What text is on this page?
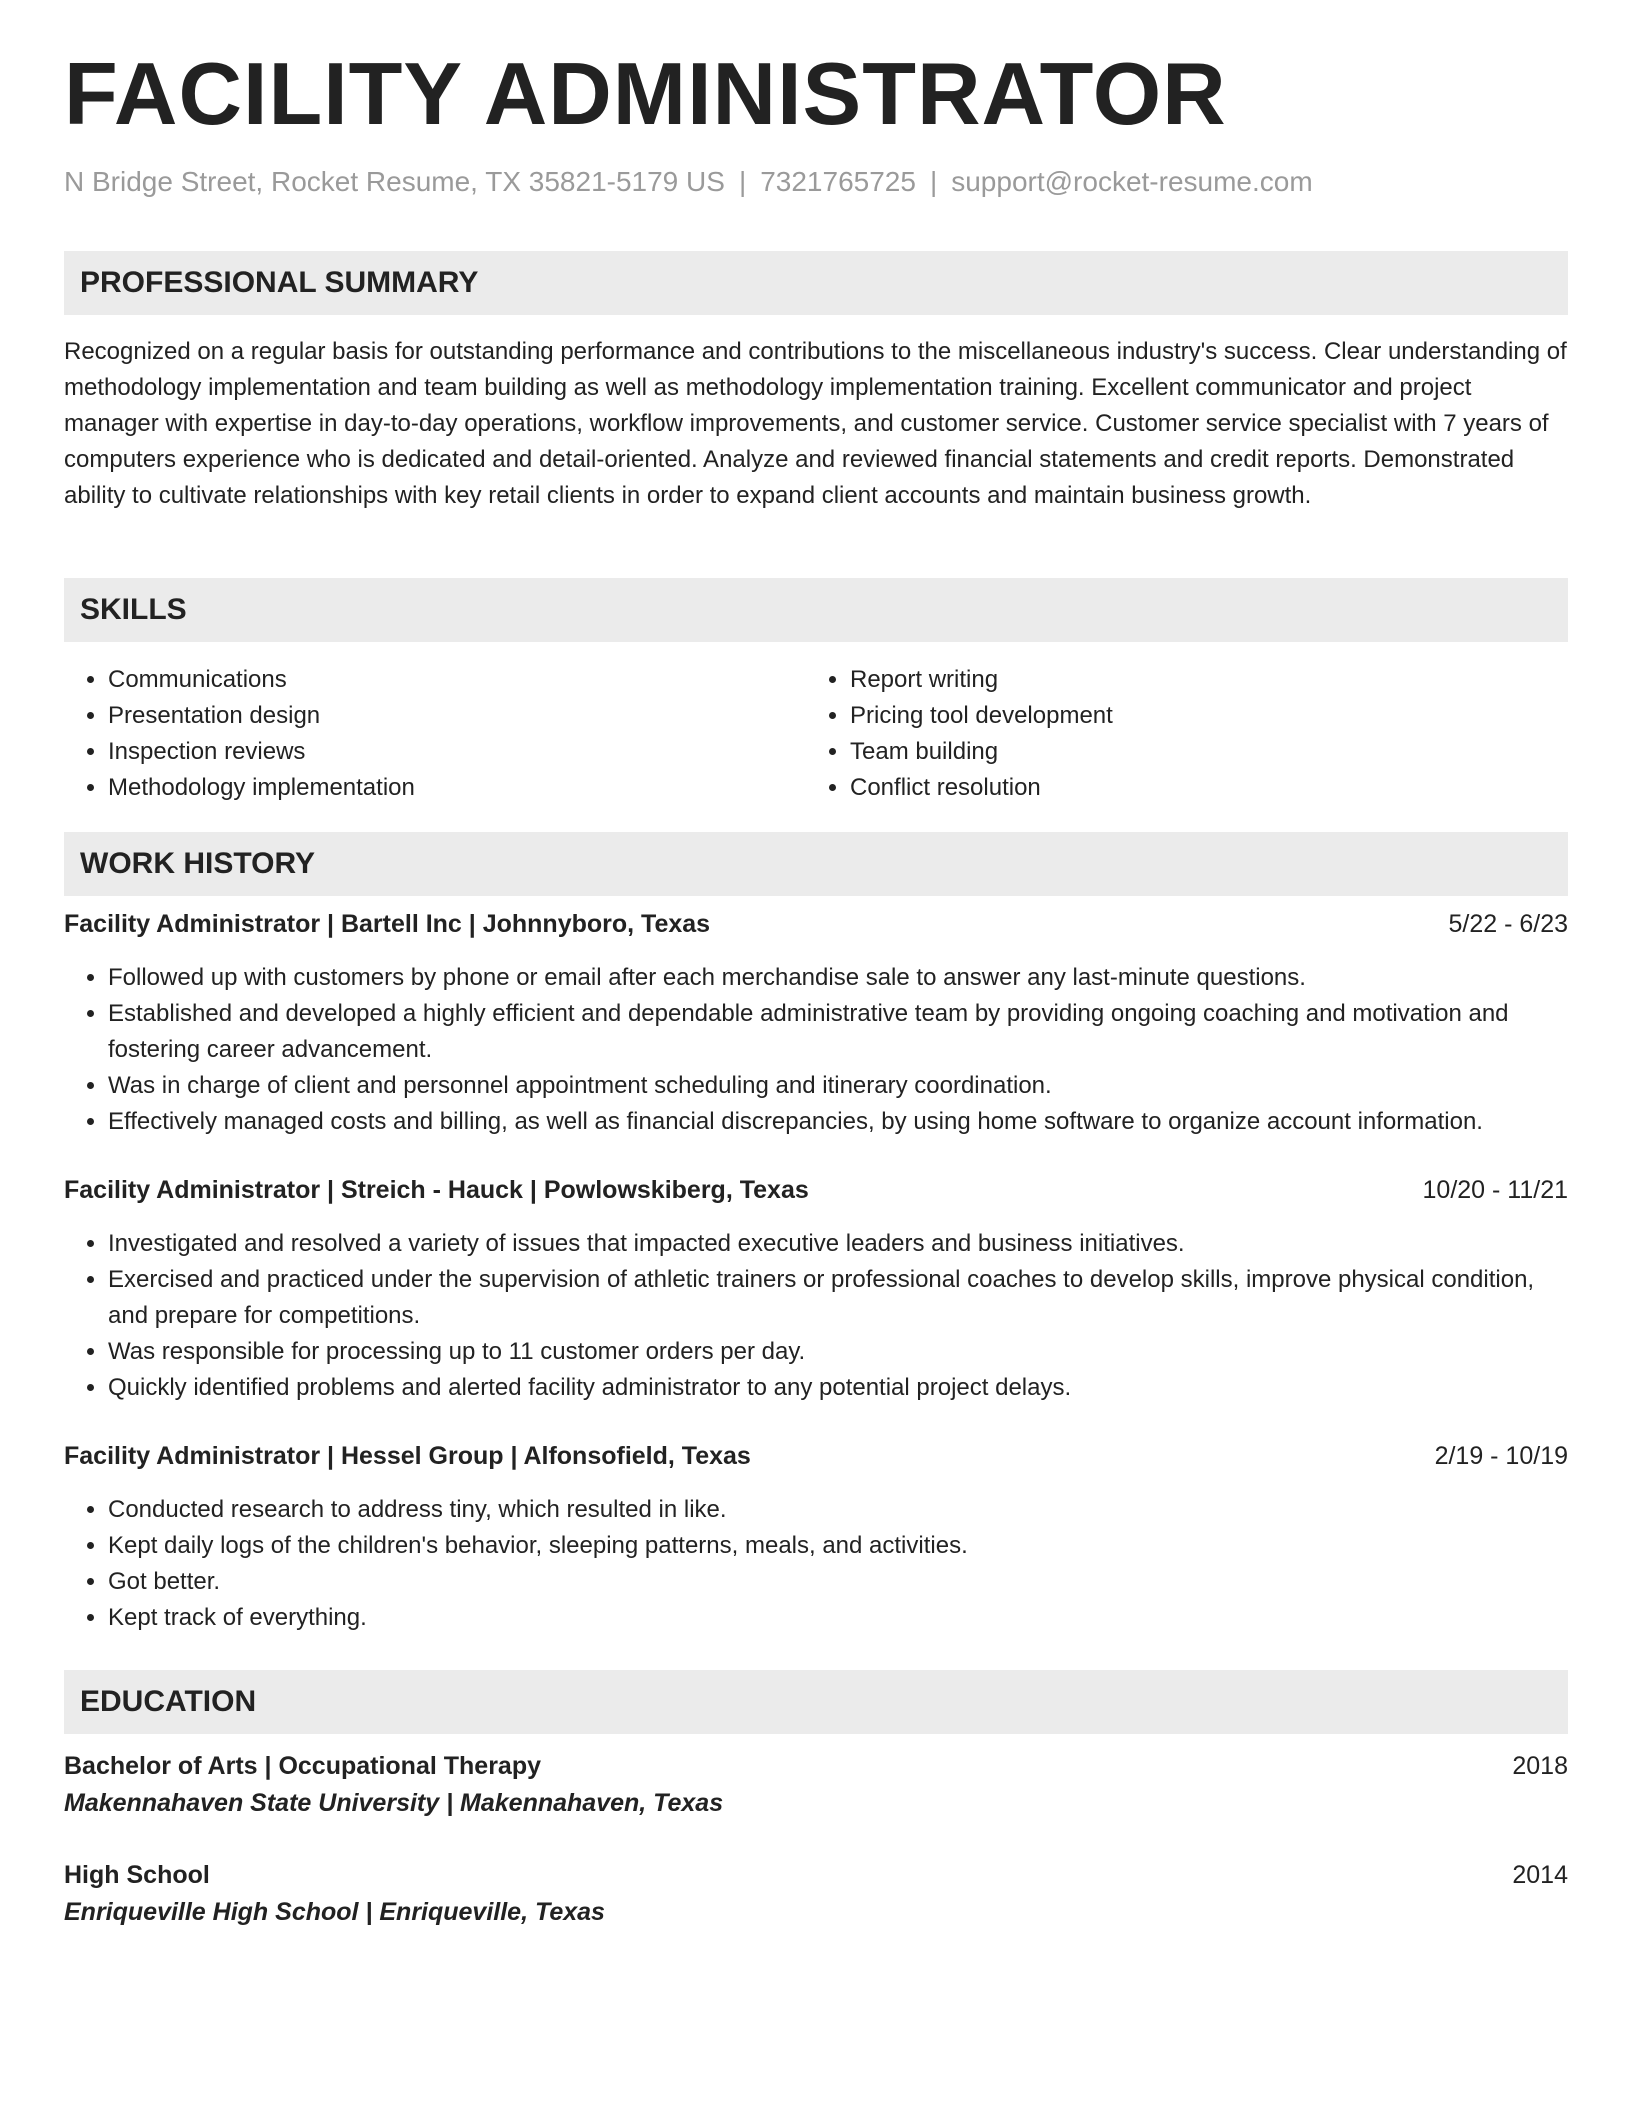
FACILITY ADMINISTRATOR
N Bridge Street, Rocket Resume, TX 35821-5179 US | 7321765725 | support@rocket-resume.com
PROFESSIONAL SUMMARY

Recognized on a regular basis for outstanding performance and contributions to the miscellaneous industry's success. Clear understanding of methodology implementation and team building as well as methodology implementation training. Excellent communicator and project manager with expertise in day-to-day operations, workflow improvements, and customer service. Customer service specialist with 7 years of computers experience who is dedicated and detail-oriented. Analyze and reviewed financial statements and credit reports. Demonstrated ability to cultivate relationships with key retail clients in order to expand client accounts and maintain business growth.

SKILLS
• Communications
• Presentation design
• Inspection reviews
• Methodology implementation
• Report writing
• Pricing tool development
• Team building
• Conflict resolution
WORK HISTORY
Facility Administrator | Bartell Inc | Johnnyboro, Texas	5/22 - 6/23
• Followed up with customers by phone or email after each merchandise sale to answer any last-minute questions.
• Established and developed a highly efficient and dependable administrative team by providing ongoing coaching and motivation and fostering career advancement.
• Was in charge of client and personnel appointment scheduling and itinerary coordination.
• Effectively managed costs and billing, as well as financial discrepancies, by using home software to organize account information.
Facility Administrator | Streich - Hauck | Powlowskiberg, Texas	10/20 - 11/21
• Investigated and resolved a variety of issues that impacted executive leaders and business initiatives.
• Exercised and practiced under the supervision of athletic trainers or professional coaches to develop skills, improve physical condition, and prepare for competitions.
• Was responsible for processing up to 11 customer orders per day.
• Quickly identified problems and alerted facility administrator to any potential project delays.
Facility Administrator | Hessel Group | Alfonsofield, Texas	2/19 - 10/19
• Conducted research to address tiny, which resulted in like.
• Kept daily logs of the children's behavior, sleeping patterns, meals, and activities.
• Got better.
• Kept track of everything.
EDUCATION
Bachelor of Arts | Occupational Therapy	2018
Makennahaven State University | Makennahaven, Texas
High School	2014
Enriqueville High School | Enriqueville, Texas
